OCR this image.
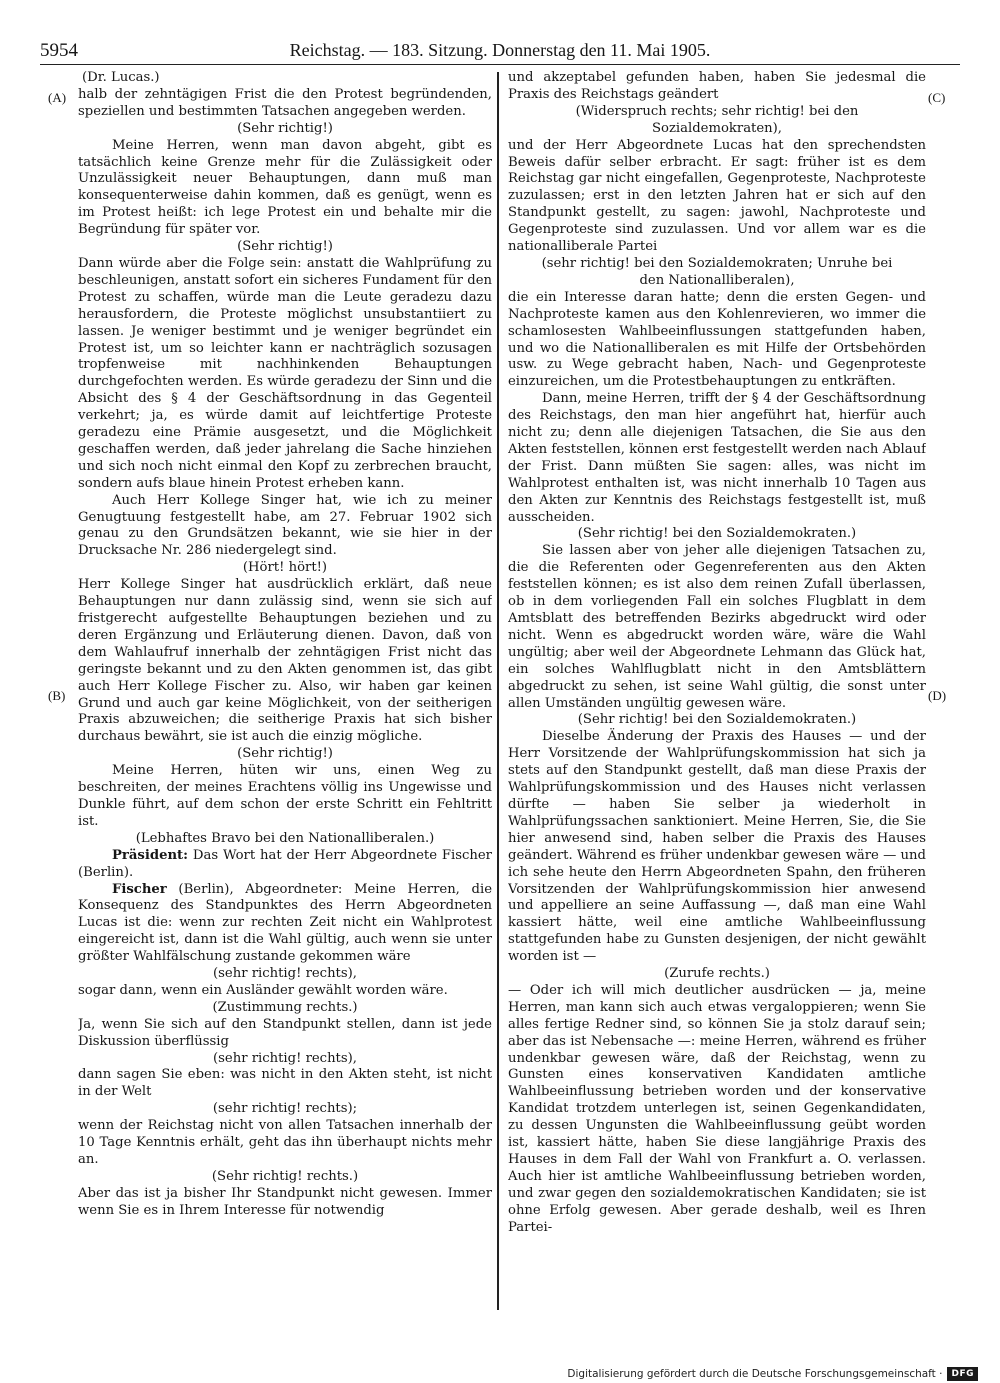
5954	Reichstag. — 183. Sitzung. Donnerstag den 11. Mai 1905.
(A)
(B)
(C)
(D)

(Dr. Lucas.)

halb der zehntägigen Frist die den Protest begründenden, speziellen und bestimmten Tatsachen angegeben werden.

(Sehr richtig!)

Meine Herren, wenn man davon abgeht, gibt es tatsächlich keine Grenze mehr für die Zulässigkeit oder Unzulässigkeit neuer Behauptungen, dann muß man konsequenterweise dahin kommen, daß es genügt, wenn es im Protest heißt: ich lege Protest ein und behalte mir die Begründung für später vor.

(Sehr richtig!)

Dann würde aber die Folge sein: anstatt die Wahlprüfung zu beschleunigen, anstatt sofort ein sicheres Fundament für den Protest zu schaffen, würde man die Leute geradezu dazu herausfordern, die Proteste möglichst unsubstantiiert zu lassen. Je weniger bestimmt und je weniger begründet ein Protest ist, um so leichter kann er nachträglich sozusagen tropfenweise mit nachhinkenden Behauptungen durchgefochten werden. Es würde geradezu der Sinn und die Absicht des § 4 der Geschäftsordnung in das Gegenteil verkehrt; ja, es würde damit auf leichtfertige Proteste geradezu eine Prämie ausgesetzt, und die Möglichkeit geschaffen werden, daß jeder jahrelang die Sache hinziehen und sich noch nicht einmal den Kopf zu zerbrechen braucht, sondern aufs blaue hinein Protest erheben kann.

Auch Herr Kollege Singer hat, wie ich zu meiner Genugtuung festgestellt habe, am 27. Februar 1902 sich genau zu den Grundsätzen bekannt, wie sie hier in der Drucksache Nr. 286 niedergelegt sind.

(Hört! hört!)

Herr Kollege Singer hat ausdrücklich erklärt, daß neue Behauptungen nur dann zulässig sind, wenn sie sich auf fristgerecht aufgestellte Behauptungen beziehen und zu deren Ergänzung und Erläuterung dienen. Davon, daß von dem Wahlaufruf innerhalb der zehntägigen Frist nicht das geringste bekannt und zu den Akten genommen ist, das gibt auch Herr Kollege Fischer zu. Also, wir haben gar keinen Grund und auch gar keine Möglichkeit, von der seitherigen Praxis abzuweichen; die seitherige Praxis hat sich bisher durchaus bewährt, sie ist auch die einzig mögliche.

(Sehr richtig!)

Meine Herren, hüten wir uns, einen Weg zu beschreiten, der meines Erachtens völlig ins Ungewisse und Dunkle führt, auf dem schon der erste Schritt ein Fehltritt ist.

(Lebhaftes Bravo bei den Nationalliberalen.)

Präsident: Das Wort hat der Herr Abgeordnete Fischer (Berlin).

Fischer (Berlin), Abgeordneter: Meine Herren, die Konsequenz des Standpunktes des Herrn Abgeordneten Lucas ist die: wenn zur rechten Zeit nicht ein Wahlprotest eingereicht ist, dann ist die Wahl gültig, auch wenn sie unter größter Wahlfälschung zustande gekommen wäre

(sehr richtig! rechts),

sogar dann, wenn ein Ausländer gewählt worden wäre.

(Zustimmung rechts.)

Ja, wenn Sie sich auf den Standpunkt stellen, dann ist jede Diskussion überflüssig

(sehr richtig! rechts),

dann sagen Sie eben: was nicht in den Akten steht, ist nicht in der Welt

(sehr richtig! rechts);

wenn der Reichstag nicht von allen Tatsachen innerhalb der 10 Tage Kenntnis erhält, geht das ihn überhaupt nichts mehr an.

(Sehr richtig! rechts.)

Aber das ist ja bisher Ihr Standpunkt nicht gewesen. Immer wenn Sie es in Ihrem Interesse für notwendig

und akzeptabel gefunden haben, haben Sie jedesmal die Praxis des Reichstags geändert

(Widerspruch rechts; sehr richtig! bei den Sozialdemokraten),

und der Herr Abgeordnete Lucas hat den sprechendsten Beweis dafür selber erbracht. Er sagt: früher ist es dem Reichstag gar nicht eingefallen, Gegenproteste, Nachproteste zuzulassen; erst in den letzten Jahren hat er sich auf den Standpunkt gestellt, zu sagen: jawohl, Nachproteste und Gegenproteste sind zuzulassen. Und vor allem war es die nationalliberale Partei

(sehr richtig! bei den Sozialdemokraten; Unruhe bei den Nationalliberalen),

die ein Interesse daran hatte; denn die ersten Gegen- und Nachproteste kamen aus den Kohlenrevieren, wo immer die schamlosesten Wahlbeeinflussungen stattgefunden haben, und wo die Nationalliberalen es mit Hilfe der Ortsbehörden usw. zu Wege gebracht haben, Nach- und Gegenproteste einzureichen, um die Protestbehauptungen zu entkräften.

Dann, meine Herren, trifft der § 4 der Geschäftsordnung des Reichstags, den man hier angeführt hat, hierfür auch nicht zu; denn alle diejenigen Tatsachen, die Sie aus den Akten feststellen, können erst festgestellt werden nach Ablauf der Frist. Dann müßten Sie sagen: alles, was nicht im Wahlprotest enthalten ist, was nicht innerhalb 10 Tagen aus den Akten zur Kenntnis des Reichstags festgestellt ist, muß ausscheiden.

(Sehr richtig! bei den Sozialdemokraten.)

Sie lassen aber von jeher alle diejenigen Tatsachen zu, die die Referenten oder Gegenreferenten aus den Akten feststellen können; es ist also dem reinen Zufall überlassen, ob in dem vorliegenden Fall ein solches Flugblatt in dem Amtsblatt des betreffenden Bezirks abgedruckt wird oder nicht. Wenn es abgedruckt worden wäre, wäre die Wahl ungültig; aber weil der Abgeordnete Lehmann das Glück hat, ein solches Wahlflugblatt nicht in den Amtsblättern abgedruckt zu sehen, ist seine Wahl gültig, die sonst unter allen Umständen ungültig gewesen wäre.

(Sehr richtig! bei den Sozialdemokraten.)

Dieselbe Änderung der Praxis des Hauses — und der Herr Vorsitzende der Wahlprüfungskommission hat sich ja stets auf den Standpunkt gestellt, daß man diese Praxis der Wahlprüfungskommission und des Hauses nicht verlassen dürfte — haben Sie selber ja wiederholt in Wahlprüfungssachen sanktioniert. Meine Herren, Sie, die Sie hier anwesend sind, haben selber die Praxis des Hauses geändert. Während es früher undenkbar gewesen wäre — und ich sehe heute den Herrn Abgeordneten Spahn, den früheren Vorsitzenden der Wahlprüfungskommission hier anwesend und appelliere an seine Auffassung —, daß man eine Wahl kassiert hätte, weil eine amtliche Wahlbeeinflussung stattgefunden habe zu Gunsten desjenigen, der nicht gewählt worden ist —

(Zurufe rechts.)

— Oder ich will mich deutlicher ausdrücken — ja, meine Herren, man kann sich auch etwas vergaloppieren; wenn Sie alles fertige Redner sind, so können Sie ja stolz darauf sein; aber das ist Nebensache —: meine Herren, während es früher undenkbar gewesen wäre, daß der Reichstag, wenn zu Gunsten eines konservativen Kandidaten amtliche Wahlbeeinflussung betrieben worden und der konservative Kandidat trotzdem unterlegen ist, seinen Gegenkandidaten, zu dessen Ungunsten die Wahlbeeinflussung geübt worden ist, kassiert hätte, haben Sie diese langjährige Praxis des Hauses in dem Fall der Wahl von Frankfurt a. O. verlassen. Auch hier ist amtliche Wahlbeeinflussung betrieben worden, und zwar gegen den sozialdemokratischen Kandidaten; sie ist ohne Erfolg gewesen. Aber gerade deshalb, weil es Ihren Partei-

Digitalisierung gefördert durch die Deutsche Forschungsgemeinschaft ·	DFG
